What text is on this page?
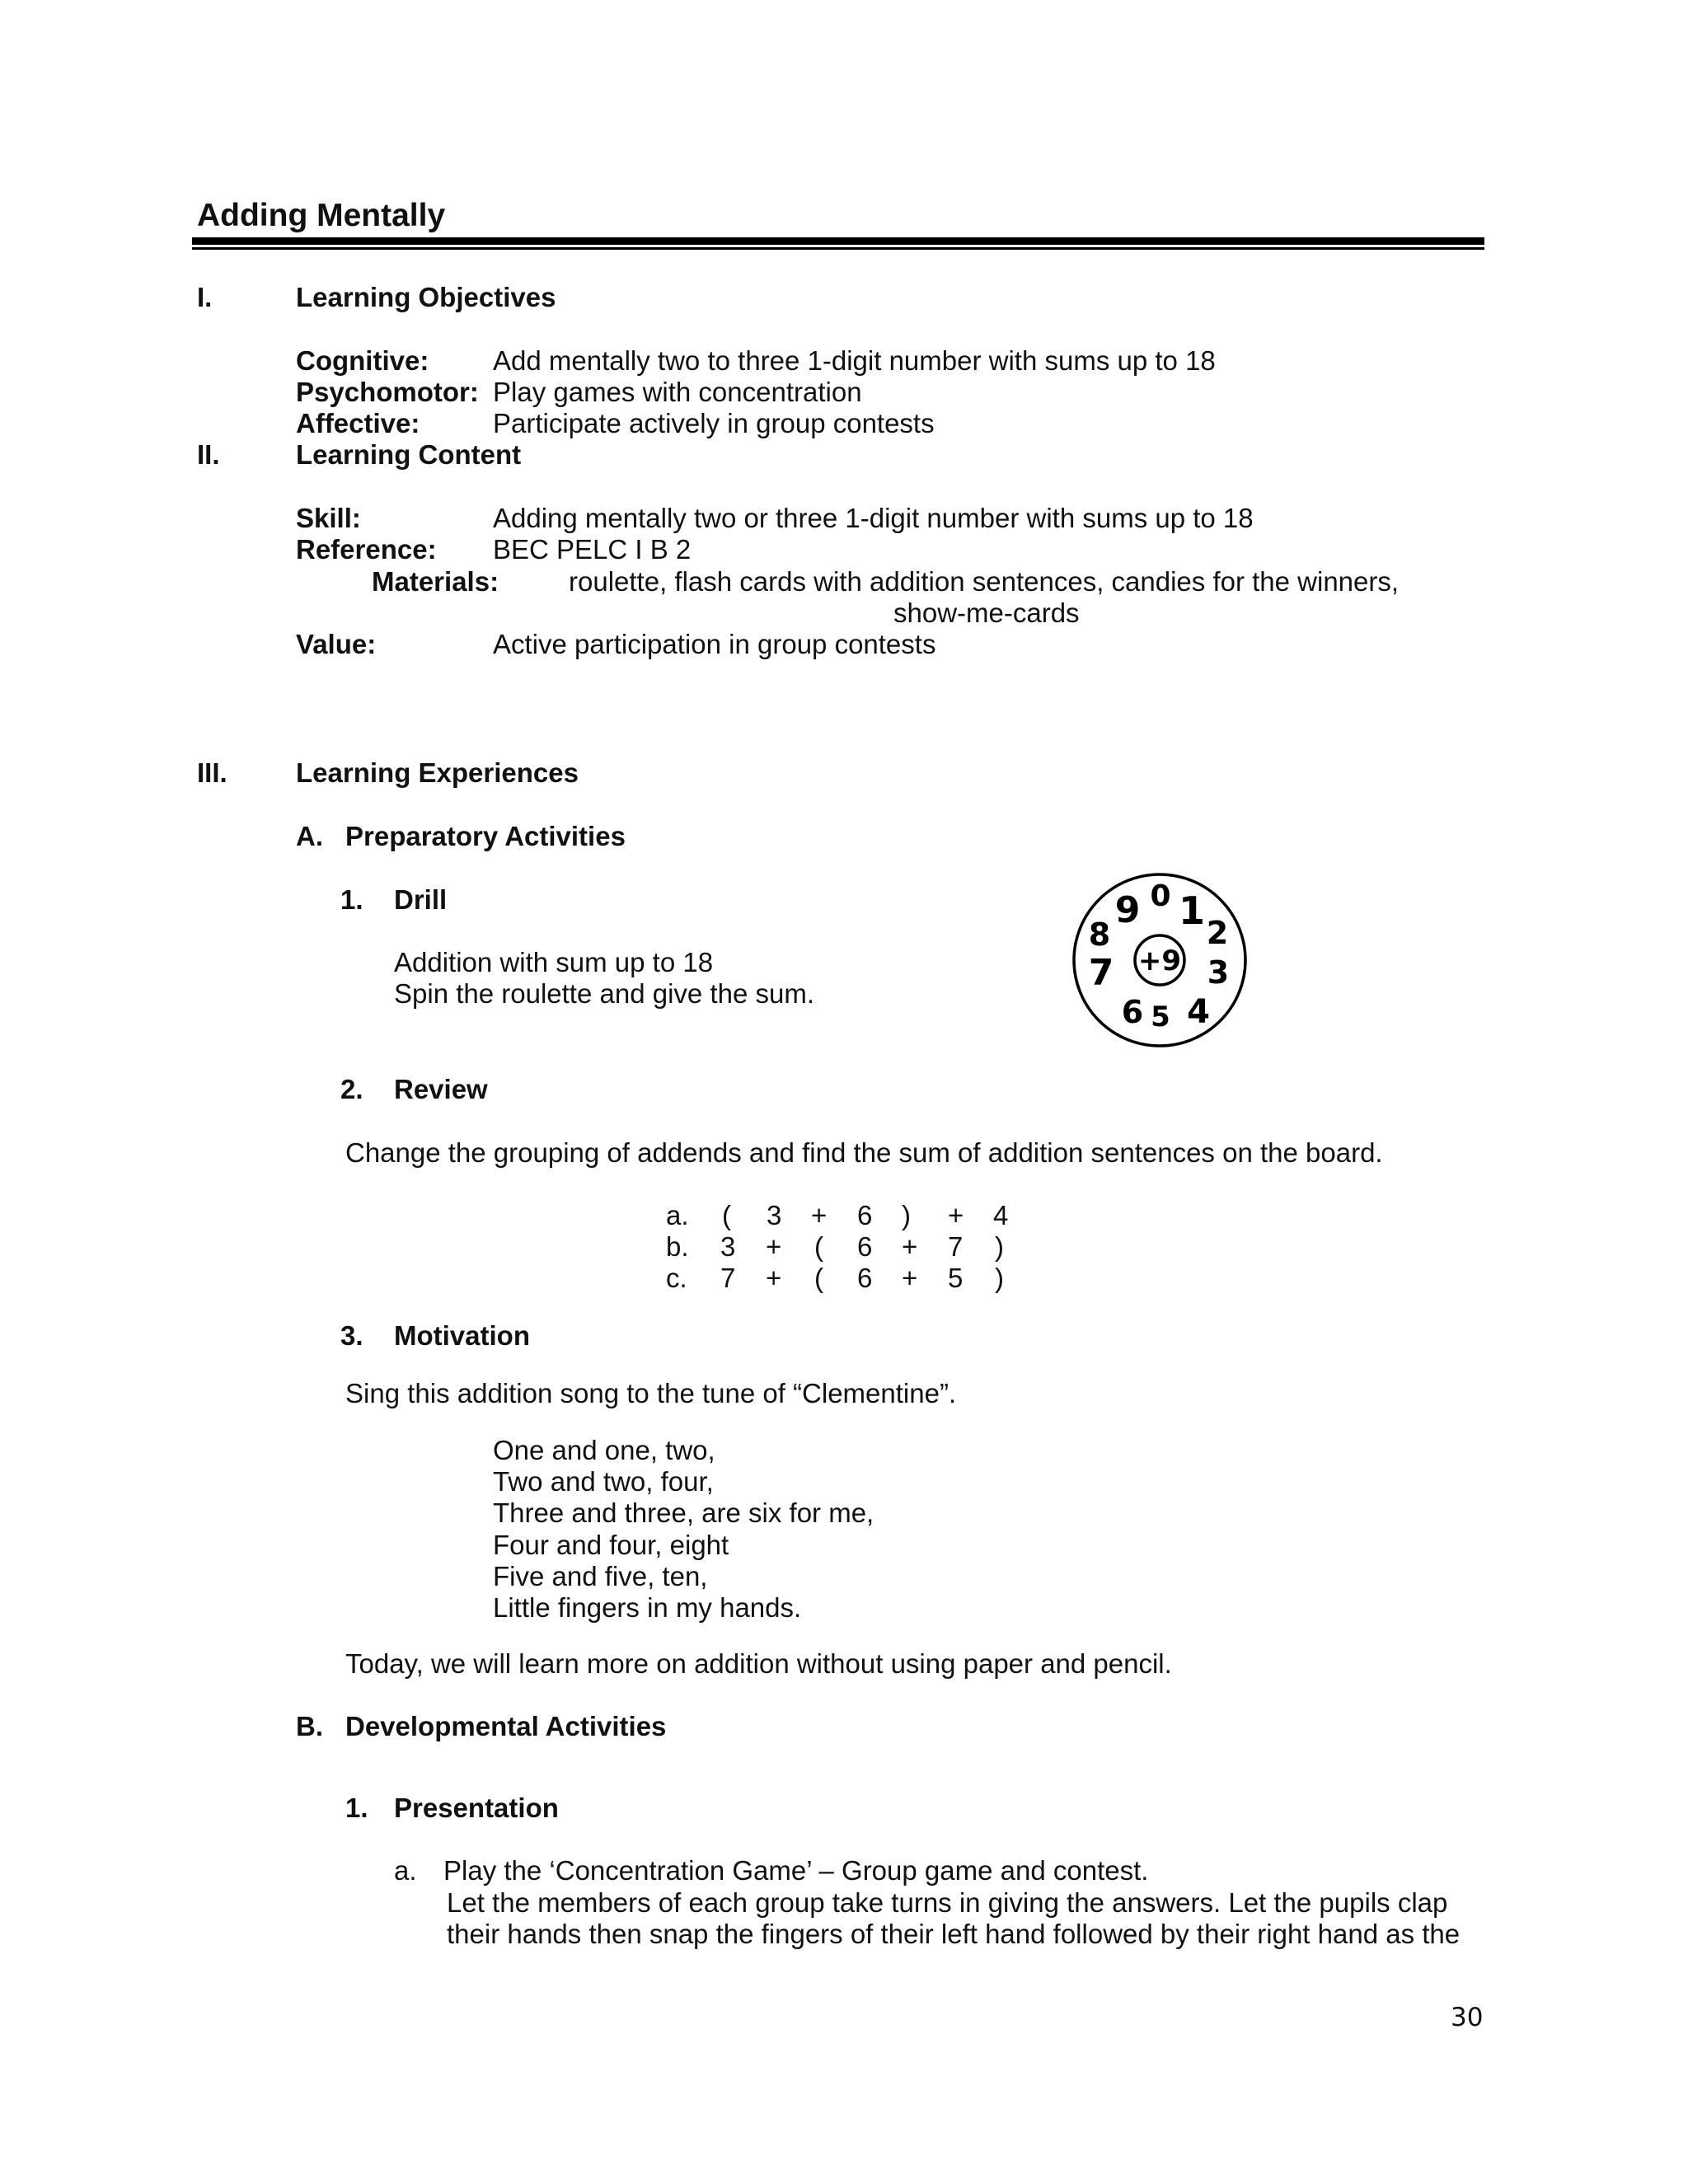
Adding Mentally
I.	Learning Objectives
Cognitive: Add mentally two to three 1-digit number with sums up to 18
Psychomotor: Play games with concentration
Affective:	Participate actively in group contests
II.	Learning Content
Skill:	Adding mentally two or three 1-digit number with sums up to 18
Reference: BEC PELC I B 2
Materials:	roulette, flash cards with addition sentences, candies for the winners,
show-me-cards
Value:	Active participation in group contests
III.	Learning Experiences
A. Preparatory Activities
1. Drill
Addition with sum up to 18
Spin the roulette and give the sum.
+9
0 1 2
3
4
5
6
7
8
9
2. Review
Change the grouping of addends and find the sum of addition sentences on the board.
a. ( 3 + 6 ) + 4
b. 3 + ( 6 + 7 )
c. 7 + ( 6 + 5 )
3. Motivation
Sing this addition song to the tune of “Clementine”.
One and one, two,
Two and two, four,
Three and three, are six for me,
Four and four, eight
Five and five, ten,
Little fingers in my hands.
Today, we will learn more on addition without using paper and pencil.
B. Developmental Activities
1. Presentation
a. Play the ‘Concentration Game’ – Group game and contest.
Let the members of each group take turns in giving the answers. Let the pupils clap
their hands then snap the fingers of their left hand followed by their right hand as the
30
